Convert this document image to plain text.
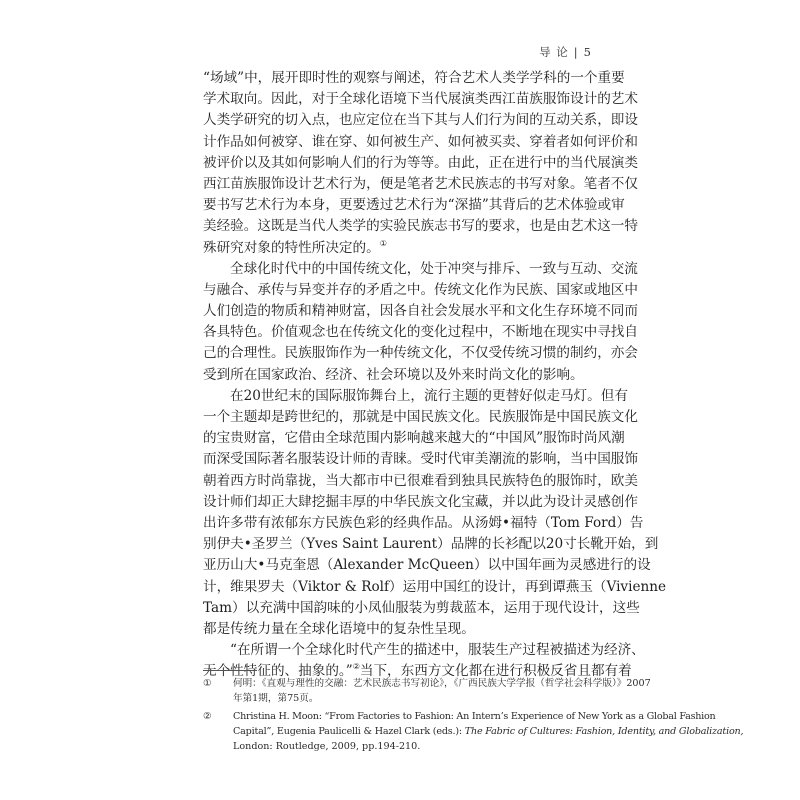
导 论 | 5
“场域”中，展开即时性的观察与阐述，符合艺术人类学学科的一个重要
学术取向。因此，对于全球化语境下当代展演类西江苗族服饰设计的艺术
人类学研究的切入点，也应定位在当下其与人们行为间的互动关系，即设
计作品如何被穿、谁在穿、如何被生产、如何被买卖、穿着者如何评价和
被评价以及其如何影响人们的行为等等。由此，正在进行中的当代展演类
西江苗族服饰设计艺术行为，便是笔者艺术民族志的书写对象。笔者不仅
要书写艺术行为本身，更要透过艺术行为“深描”其背后的艺术体验或审
美经验。这既是当代人类学的实验民族志书写的要求，也是由艺术这一特
殊研究对象的特性所决定的。①
全球化时代中的中国传统文化，处于冲突与排斥、一致与互动、交流
与融合、承传与异变并存的矛盾之中。传统文化作为民族、国家或地区中
人们创造的物质和精神财富，因各自社会发展水平和文化生存环境不同而
各具特色。价值观念也在传统文化的变化过程中，不断地在现实中寻找自
己的合理性。民族服饰作为一种传统文化，不仅受传统习惯的制约，亦会
受到所在国家政治、经济、社会环境以及外来时尚文化的影响。
在20世纪末的国际服饰舞台上，流行主题的更替好似走马灯。但有
一个主题却是跨世纪的，那就是中国民族文化。民族服饰是中国民族文化
的宝贵财富，它借由全球范围内影响越来越大的“中国风”服饰时尚风潮
而深受国际著名服装设计师的青睐。受时代审美潮流的影响，当中国服饰
朝着西方时尚靠拢，当大都市中已很难看到独具民族特色的服饰时，欧美
设计师们却正大肆挖掘丰厚的中华民族文化宝藏，并以此为设计灵感创作
出许多带有浓郁东方民族色彩的经典作品。从汤姆•福特（Tom Ford）告
别伊夫•圣罗兰（Yves Saint Laurent）品牌的长衫配以20寸长靴开始，到
亚历山大•马克奎恩（Alexander McQueen）以中国年画为灵感进行的设
计，维果罗夫（Viktor & Rolf）运用中国红的设计，再到谭燕玉（Vivienne
Tam）以充满中国韵味的小凤仙服装为剪裁蓝本，运用于现代设计，这些
都是传统力量在全球化语境中的复杂性呈现。
“在所谓一个全球化时代产生的描述中，服装生产过程被描述为经济、
无个性特征的、抽象的。”②当下，东西方文化都在进行积极反省且都有着
① 何明：《直观与理性的交融：艺术民族志书写初论》，《广西民族大学学报（哲学社会科学版）》2007
年第1期，第75页。
② Christina H. Moon: “From Factories to Fashion: An Intern’s Experience of New York as a Global Fashion
Capital”, Eugenia Paulicelli & Hazel Clark (eds.): The Fabric of Cultures: Fashion, Identity, and Globalization,
London: Routledge, 2009, pp.194-210.
